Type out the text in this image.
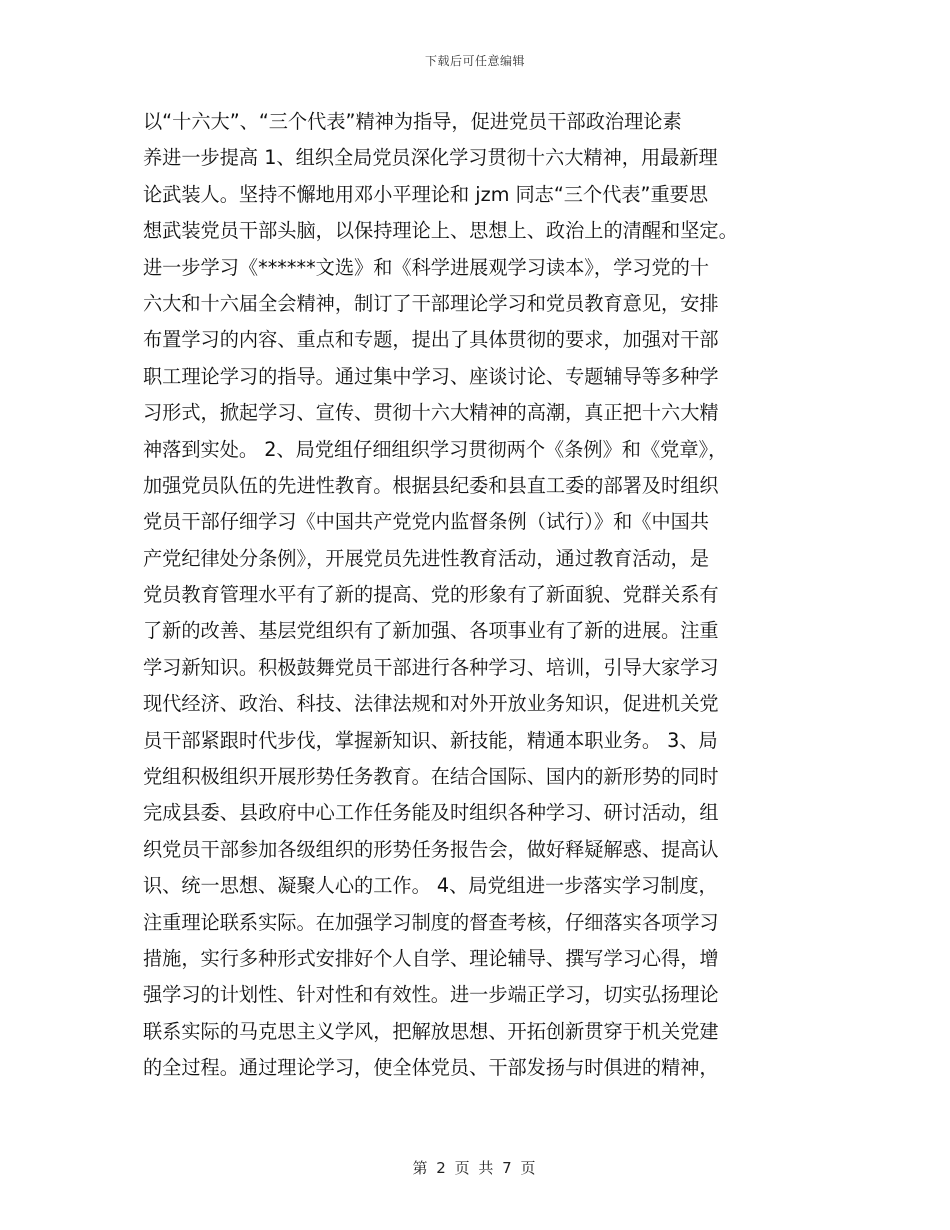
下载后可任意编辑
以“十六大”、“三个代表”精神为指导，促进党员干部政治理论素
养进一步提高 1、组织全局党员深化学习贯彻十六大精神，用最新理
论武装人。坚持不懈地用邓小平理论和 jzm 同志“三个代表”重要思
想武装党员干部头脑，以保持理论上、思想上、政治上的清醒和坚定。
进一步学习《******文选》和《科学进展观学习读本》，学习党的十
六大和十六届全会精神，制订了干部理论学习和党员教育意见，安排
布置学习的内容、重点和专题，提出了具体贯彻的要求，加强对干部
职工理论学习的指导。通过集中学习、座谈讨论、专题辅导等多种学
习形式，掀起学习、宣传、贯彻十六大精神的高潮，真正把十六大精
神落到实处。 2、局党组仔细组织学习贯彻两个《条例》和《党章》，
加强党员队伍的先进性教育。根据县纪委和县直工委的部署及时组织
党员干部仔细学习《中国共产党党内监督条例（试行）》和《中国共
产党纪律处分条例》，开展党员先进性教育活动，通过教育活动，是
党员教育管理水平有了新的提高、党的形象有了新面貌、党群关系有
了新的改善、基层党组织有了新加强、各项事业有了新的进展。注重
学习新知识。积极鼓舞党员干部进行各种学习、培训，引导大家学习
现代经济、政治、科技、法律法规和对外开放业务知识，促进机关党
员干部紧跟时代步伐，掌握新知识、新技能，精通本职业务。 3、局
党组积极组织开展形势任务教育。在结合国际、国内的新形势的同时
完成县委、县政府中心工作任务能及时组织各种学习、研讨活动，组
织党员干部参加各级组织的形势任务报告会，做好释疑解惑、提高认
识、统一思想、凝聚人心的工作。 4、局党组进一步落实学习制度，
注重理论联系实际。在加强学习制度的督查考核，仔细落实各项学习
措施，实行多种形式安排好个人自学、理论辅导、撰写学习心得，增
强学习的计划性、针对性和有效性。进一步端正学习，切实弘扬理论
联系实际的马克思主义学风，把解放思想、开拓创新贯穿于机关党建
的全过程。通过理论学习，使全体党员、干部发扬与时俱进的精神，
第 2 页 共 7 页
